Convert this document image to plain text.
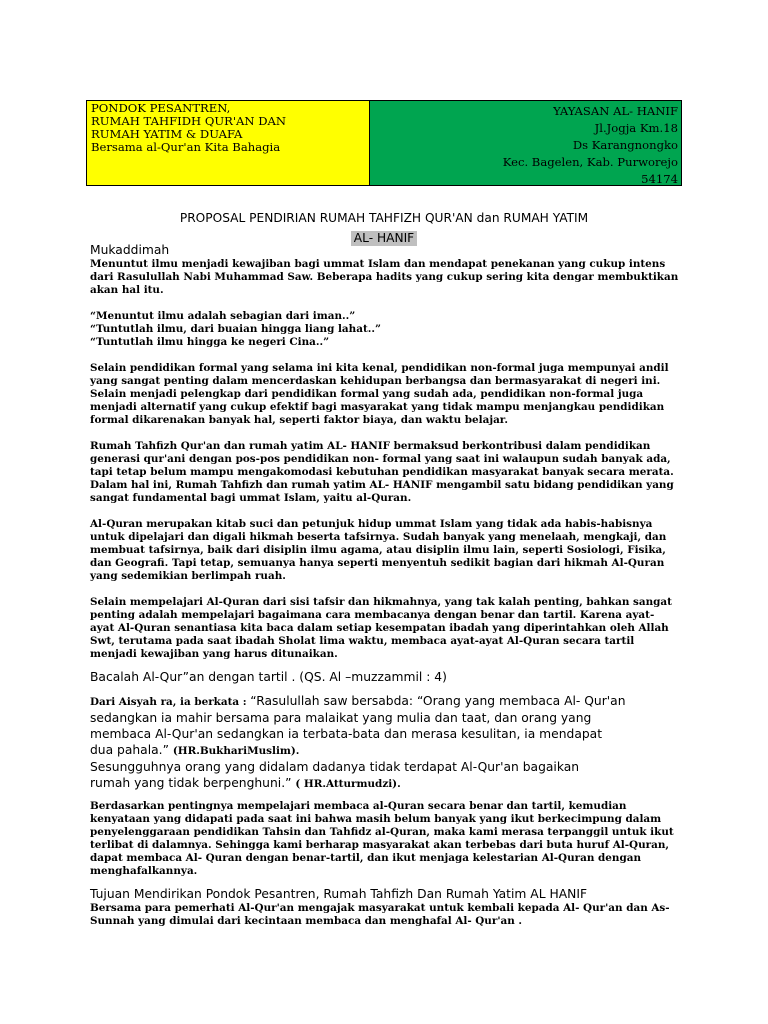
PONDOK PESANTREN,
RUMAH TAHFIDH QUR'AN DAN
RUMAH YATIM & DUAFA
Bersama al-Qur'an Kita Bahagia
YAYASAN AL- HANIF
Jl.Jogja Km.18
Ds Karangnongko
Kec. Bagelen, Kab. Purworejo
54174
PROPOSAL PENDIRIAN RUMAH TAHFIZH QUR'AN dan RUMAH YATIM
AL- HANIF
Mukaddimah
Menuntut ilmu menjadi kewajiban bagi ummat Islam dan mendapat penekanan yang cukup intens
dari Rasulullah Nabi Muhammad Saw. Beberapa hadits yang cukup sering kita dengar membuktikan
akan hal itu.
“Menuntut ilmu adalah sebagian dari iman..”
“Tuntutlah ilmu, dari buaian hingga liang lahat..”
“Tuntutlah ilmu hingga ke negeri Cina..”
Selain pendidikan formal yang selama ini kita kenal, pendidikan non-formal juga mempunyai andil
yang sangat penting dalam mencerdaskan kehidupan berbangsa dan bermasyarakat di negeri ini.
Selain menjadi pelengkap dari pendidikan formal yang sudah ada, pendidikan non-formal juga
menjadi alternatif yang cukup efektif bagi masyarakat yang tidak mampu menjangkau pendidikan
formal dikarenakan banyak hal, seperti faktor biaya, dan waktu belajar.
Rumah Tahfizh Qur'an dan rumah yatim AL- HANIF bermaksud berkontribusi dalam pendidikan
generasi qur'ani dengan pos-pos pendidikan non- formal yang saat ini walaupun sudah banyak ada,
tapi tetap belum mampu mengakomodasi kebutuhan pendidikan masyarakat banyak secara merata.
Dalam hal ini, Rumah Tahfizh dan rumah yatim AL- HANIF mengambil satu bidang pendidikan yang
sangat fundamental bagi ummat Islam, yaitu al-Quran.
Al-Quran merupakan kitab suci dan petunjuk hidup ummat Islam yang tidak ada habis-habisnya
untuk dipelajari dan digali hikmah beserta tafsirnya. Sudah banyak yang menelaah, mengkaji, dan
membuat tafsirnya, baik dari disiplin ilmu agama, atau disiplin ilmu lain, seperti Sosiologi, Fisika,
dan Geografi. Tapi tetap, semuanya hanya seperti menyentuh sedikit bagian dari hikmah Al-Quran
yang sedemikian berlimpah ruah.
Selain mempelajari Al-Quran dari sisi tafsir dan hikmahnya, yang tak kalah penting, bahkan sangat
penting adalah mempelajari bagaimana cara membacanya dengan benar dan tartil. Karena ayat-
ayat Al-Quran senantiasa kita baca dalam setiap kesempatan ibadah yang diperintahkan oleh Allah
Swt, terutama pada saat ibadah Sholat lima waktu, membaca ayat-ayat Al-Quran secara tartil
menjadi kewajiban yang harus ditunaikan.
Bacalah Al-Qur”an dengan tartil . (QS. Al –muzzammil : 4)
Dari Aisyah ra, ia berkata : “Rasulullah saw bersabda: “Orang yang membaca Al- Qur'an
sedangkan ia mahir bersama para malaikat yang mulia dan taat, dan orang yang
membaca Al-Qur'an sedangkan ia terbata-bata dan merasa kesulitan, ia mendapat
dua pahala.” (HR.BukhariMuslim).
Sesungguhnya orang yang didalam dadanya tidak terdapat Al-Qur'an bagaikan
rumah yang tidak berpenghuni.” ( HR.Atturmudzi).
Berdasarkan pentingnya mempelajari membaca al-Quran secara benar dan tartil, kemudian
kenyataan yang didapati pada saat ini bahwa masih belum banyak yang ikut berkecimpung dalam
penyelenggaraan pendidikan Tahsin dan Tahfidz al-Quran, maka kami merasa terpanggil untuk ikut
terlibat di dalamnya. Sehingga kami berharap masyarakat akan terbebas dari buta huruf Al-Quran,
dapat membaca Al- Quran dengan benar-tartil, dan ikut menjaga kelestarian Al-Quran dengan
menghafalkannya.
Tujuan Mendirikan Pondok Pesantren, Rumah Tahfizh Dan Rumah Yatim AL HANIF
Bersama para pemerhati Al-Qur'an mengajak masyarakat untuk kembali kepada Al- Qur'an dan As-
Sunnah yang dimulai dari kecintaan membaca dan menghafal Al- Qur'an .
